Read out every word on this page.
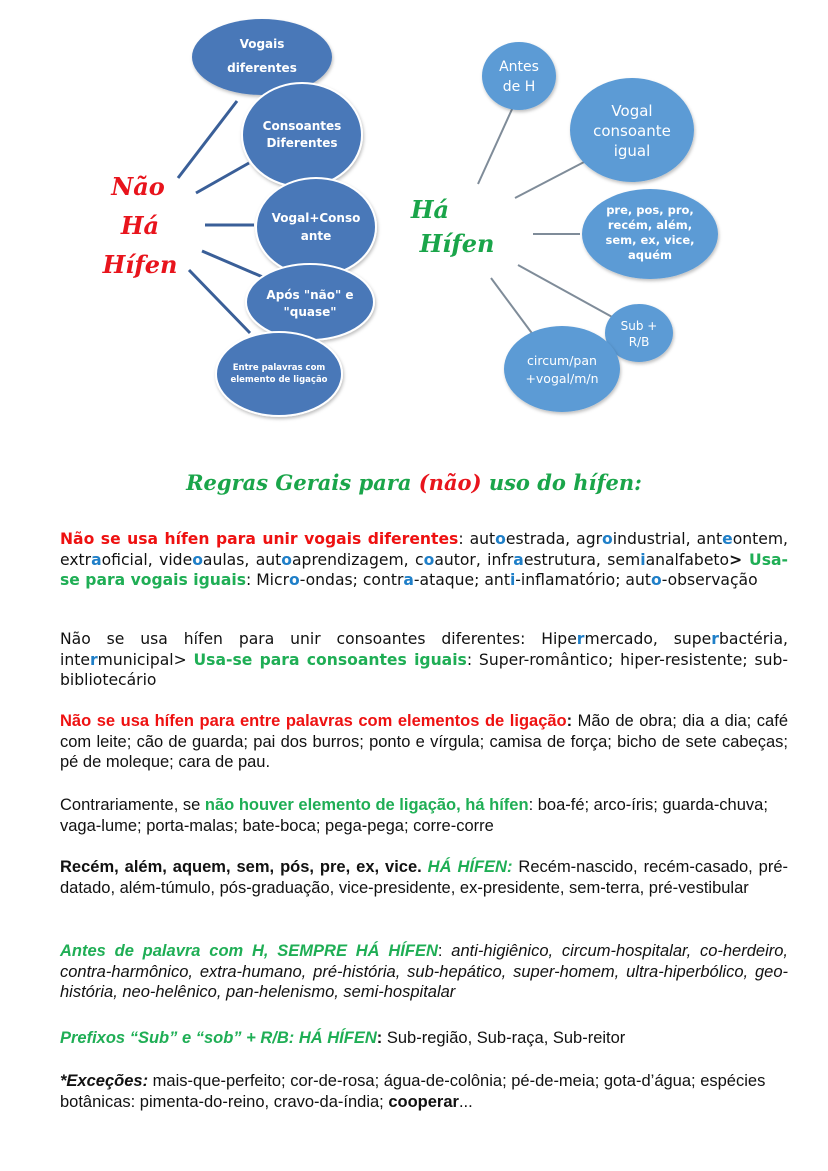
Vogais
diferentes
Consoantes
Diferentes
Vogal+Conso
ante
Após "não" e
"quase"
Entre palavras com
elemento de ligação
Não
Há
Hífen
Antes
de H
Vogal
consoante
igual
pre, pos, pro,
recém, além,
sem, ex, vice,
aquém
Sub +
R/B
circum/pan
+vogal/m/n
Há
Hífen
Regras Gerais para (não) uso do hífen:

Não se usa hífen para unir vogais diferentes: autoestrada, agroindustrial, anteontem, extraoficial, videoaulas, autoaprendizagem, coautor, infraestrutura, semianalfabeto> Usa-se para vogais iguais: Micro-ondas; contra-ataque; anti-inflamatório; auto-observação

Não se usa hífen para unir consoantes diferentes: Hipermercado, superbactéria, intermunicipal> Usa-se para consoantes iguais: Super-romântico; hiper-resistente; sub-bibliotecário

Não se usa hífen para entre palavras com elementos de ligação: Mão de obra; dia a dia; café com leite; cão de guarda; pai dos burros; ponto e vírgula; camisa de força; bicho de sete cabeças; pé de moleque; cara de pau.

Contrariamente, se não houver elemento de ligação, há hífen: boa-fé; arco-íris; guarda-chuva; vaga-lume; porta-malas; bate-boca; pega-pega; corre-corre

Recém, além, aquem, sem, pós, pre, ex, vice. HÁ HÍFEN: Recém-nascido, recém-casado, pré-datado, além-túmulo, pós-graduação, vice-presidente, ex-presidente, sem-terra, pré-vestibular

Antes de palavra com H, SEMPRE HÁ HÍFEN: anti-higiênico, circum-hospitalar, co-herdeiro, contra-harmônico, extra-humano, pré-história, sub-hepático, super-homem, ultra-hiperbólico, geo-história, neo-helênico, pan-helenismo, semi-hospitalar

Prefixos “Sub” e “sob” + R/B: HÁ HÍFEN: Sub-região, Sub-raça, Sub-reitor

*Exceções: mais-que-perfeito; cor-de-rosa; água-de-colônia; pé-de-meia; gota-d’água; espécies botânicas: pimenta-do-reino, cravo-da-índia; cooperar...
